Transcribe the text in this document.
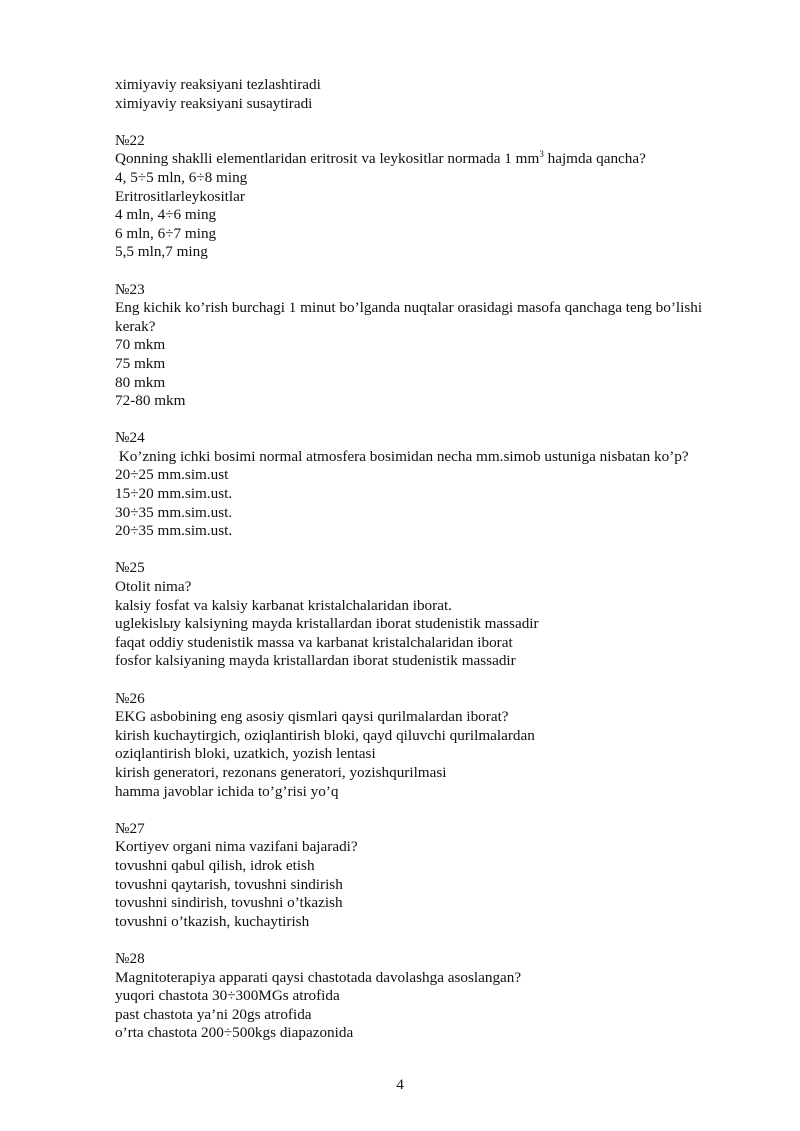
ximiyaviy reaksiyani tezlashtiradi
ximiyaviy reaksiyani susaytiradi
№22
Qonning shaklli elementlaridan eritrosit va leykositlar normada 1 $mm^3$ hajmda qancha?
4, 5÷5 mln, 6÷8 ming
Eritrositlarleykositlar
4 mln, 4÷6 ming
6 mln, 6÷7 ming
5,5 mln,7 ming
№23
Eng kichik ko’rish burchagi 1 minut bo’lganda nuqtalar orasidagi masofa qanchaga teng bo’lishi
kerak?
70 mkm
75 mkm
80 mkm
72-80 mkm
№24
Ko’zning ichki bosimi normal atmosfera bosimidan necha mm.simob ustuniga nisbatan ko’p?
20÷25 mm.sim.ust
15÷20 mm.sim.ust.
30÷35 mm.sim.ust.
20÷35 mm.sim.ust.
№25
Otolit nima?
kalsiy fosfat va kalsiy karbanat kristalchalaridan iborat.
uglekislыy kalsiyning mayda kristallardan iborat studenistik massadir
faqat oddiy studenistik massa va karbanat kristalchalaridan iborat
fosfor kalsiyaning mayda kristallardan iborat studenistik massadir
№26
EKG asbobining eng asosiy qismlari qaysi qurilmalardan iborat?
kirish kuchaytirgich, oziqlantirish bloki, qayd qiluvchi qurilmalardan
oziqlantirish bloki, uzatkich, yozish lentasi
kirish generatori, rezonans generatori, yozishqurilmasi
hamma javoblar ichida to’g’risi yo’q
№27
Kortiyev organi nima vazifani bajaradi?
tovushni qabul qilish, idrok etish
tovushni qaytarish, tovushni sindirish
tovushni sindirish, tovushni o’tkazish
tovushni o’tkazish, kuchaytirish
№28
Magnitoterapiya apparati qaysi chastotada davolashga asoslangan?
yuqori chastota 30÷300MGs atrofida
past chastota ya’ni 20gs atrofida
o’rta chastota 200÷500kgs diapazonida
4
